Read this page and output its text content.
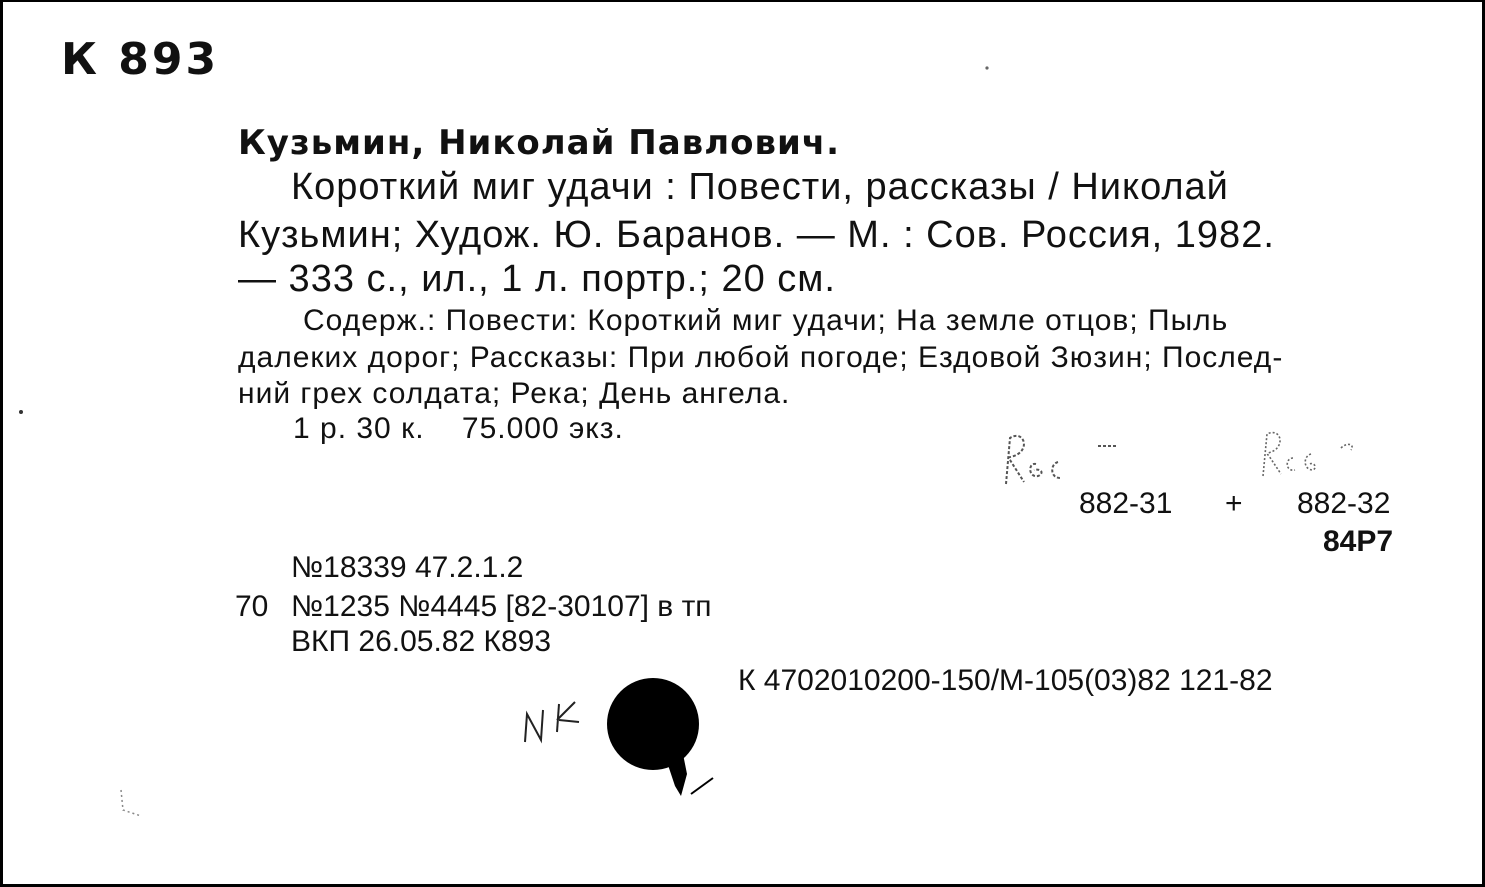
К 893
Кузьмин, Николай Павлович.
Короткий миг удачи : Повести, рассказы / Николай
Кузьмин; Худож. Ю. Баранов. — М. : Сов. Россия, 1982.
— 333 с., ил., 1 л. портр.; 20 см.
Содерж.: Повести: Короткий миг удачи; На земле отцов; Пыль
далеких дорог; Рассказы: При любой погоде; Ездовой Зюзин; Послед-
ний грех солдата; Река; День ангела.
1 р. 30 к.    75.000 экз.
882-31 + 882-32
84Р7
№18339 47.2.1.2
70 №1235 №4445 [82-30107] в тп
ВКП 26.05.82 К893
К 4702010200-150/М-105(03)82 121-82
